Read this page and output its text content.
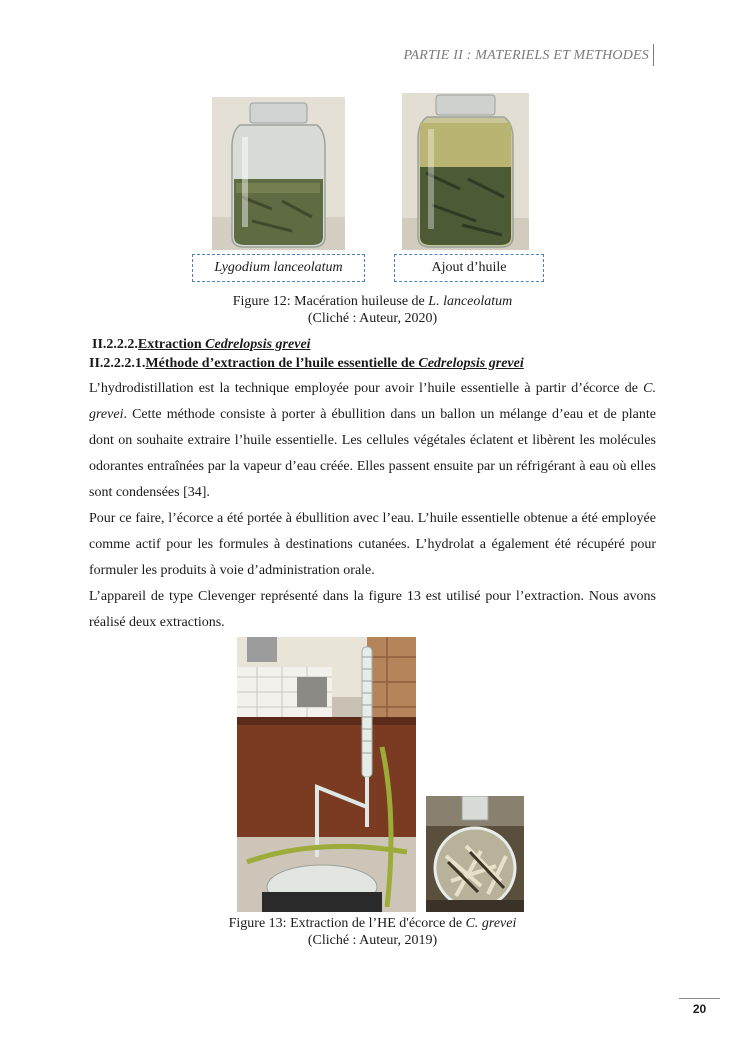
PARTIE II : MATERIELS ET METHODES
Lygodium lanceolatum	Ajout d’huile
Figure 12: Macération huileuse de L. lanceolatum
(Cliché : Auteur, 2020)
II.2.2.2.Extraction Cedrelopsis grevei
II.2.2.2.1.Méthode d’extraction de l’huile essentielle de Cedrelopsis grevei

L’hydrodistillation est la technique employée pour avoir l’huile essentielle à partir d’écorce de C. grevei. Cette méthode consiste à porter à ébullition dans un ballon un mélange d’eau et de plante dont on souhaite extraire l’huile essentielle. Les cellules végétales éclatent et libèrent les molécules odorantes entraînées par la vapeur d’eau créée. Elles passent ensuite par un réfrigérant à eau où elles sont condensées [34].

Pour ce faire, l’écorce a été portée à ébullition avec l’eau. L’huile essentielle obtenue a été employée comme actif pour les formules à destinations cutanées. L’hydrolat a également été récupéré pour formuler les produits à voie d’administration orale.

L’appareil de type Clevenger représenté dans la figure 13 est utilisé pour l’extraction. Nous avons réalisé deux extractions.

Figure 13: Extraction de l’HE d'écorce de C. grevei
(Cliché : Auteur, 2019)
20
